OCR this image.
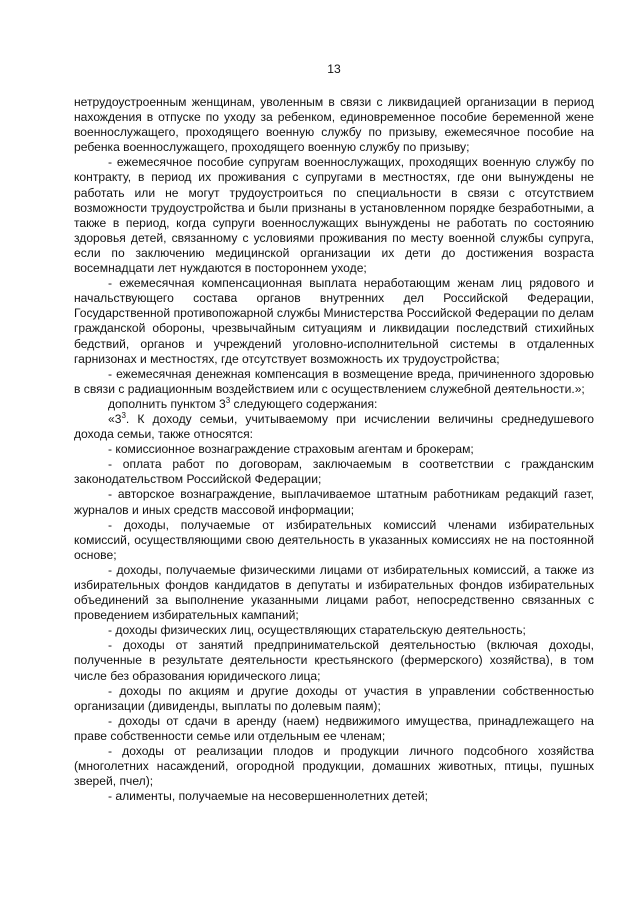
13

нетрудоустроенным женщинам, уволенным в связи с ликвидацией организации в период нахождения в отпуске по уходу за ребенком, единовременное пособие беременной жене военнослужащего, проходящего военную службу по призыву, ежемесячное пособие на ребенка военнослужащего, проходящего военную службу по призыву;

- ежемесячное пособие супругам военнослужащих, проходящих военную службу по контракту, в период их проживания с супругами в местностях, где они вынуждены не работать или не могут трудоустроиться по специальности в связи с отсутствием возможности трудоустройства и были признаны в установленном порядке безработными, а также в период, когда супруги военнослужащих вынуждены не работать по состоянию здоровья детей, связанному с условиями проживания по месту военной службы супруга, если по заключению медицинской организации их дети до достижения возраста восемнадцати лет нуждаются в постороннем уходе;

- ежемесячная компенсационная выплата неработающим женам лиц рядового и начальствующего состава органов внутренних дел Российской Федерации, Государственной противопожарной службы Министерства Российской Федерации по делам гражданской обороны, чрезвычайным ситуациям и ликвидации последствий стихийных бедствий, органов и учреждений уголовно-исполнительной системы в отдаленных гарнизонах и местностях, где отсутствует возможность их трудоустройства;

- ежемесячная денежная компенсация в возмещение вреда, причиненного здоровью в связи с радиационным воздействием или с осуществлением служебной деятельности.»;

дополнить пунктом $3^3$ следующего содержания:

«$3^3$. К доходу семьи, учитываемому при исчислении величины среднедушевого дохода семьи, также относятся:

- комиссионное вознаграждение страховым агентам и брокерам;

- оплата работ по договорам, заключаемым в соответствии с гражданским законодательством Российской Федерации;

- авторское вознаграждение, выплачиваемое штатным работникам редакций газет, журналов и иных средств массовой информации;

- доходы, получаемые от избирательных комиссий членами избирательных комиссий, осуществляющими свою деятельность в указанных комиссиях не на постоянной основе;

- доходы, получаемые физическими лицами от избирательных комиссий, а также из избирательных фондов кандидатов в депутаты и избирательных фондов избирательных объединений за выполнение указанными лицами работ, непосредственно связанных с проведением избирательных кампаний;

- доходы физических лиц, осуществляющих старательскую деятельность;

- доходы от занятий предпринимательской деятельностью (включая доходы, полученные в результате деятельности крестьянского (фермерского) хозяйства), в том числе без образования юридического лица;

- доходы по акциям и другие доходы от участия в управлении собственностью организации (дивиденды, выплаты по долевым паям);

- доходы от сдачи в аренду (наем) недвижимого имущества, принадлежащего на праве собственности семье или отдельным ее членам;

- доходы от реализации плодов и продукции личного подсобного хозяйства (многолетних насаждений, огородной продукции, домашних животных, птицы, пушных зверей, пчел);

- алименты, получаемые на несовершеннолетних детей;
